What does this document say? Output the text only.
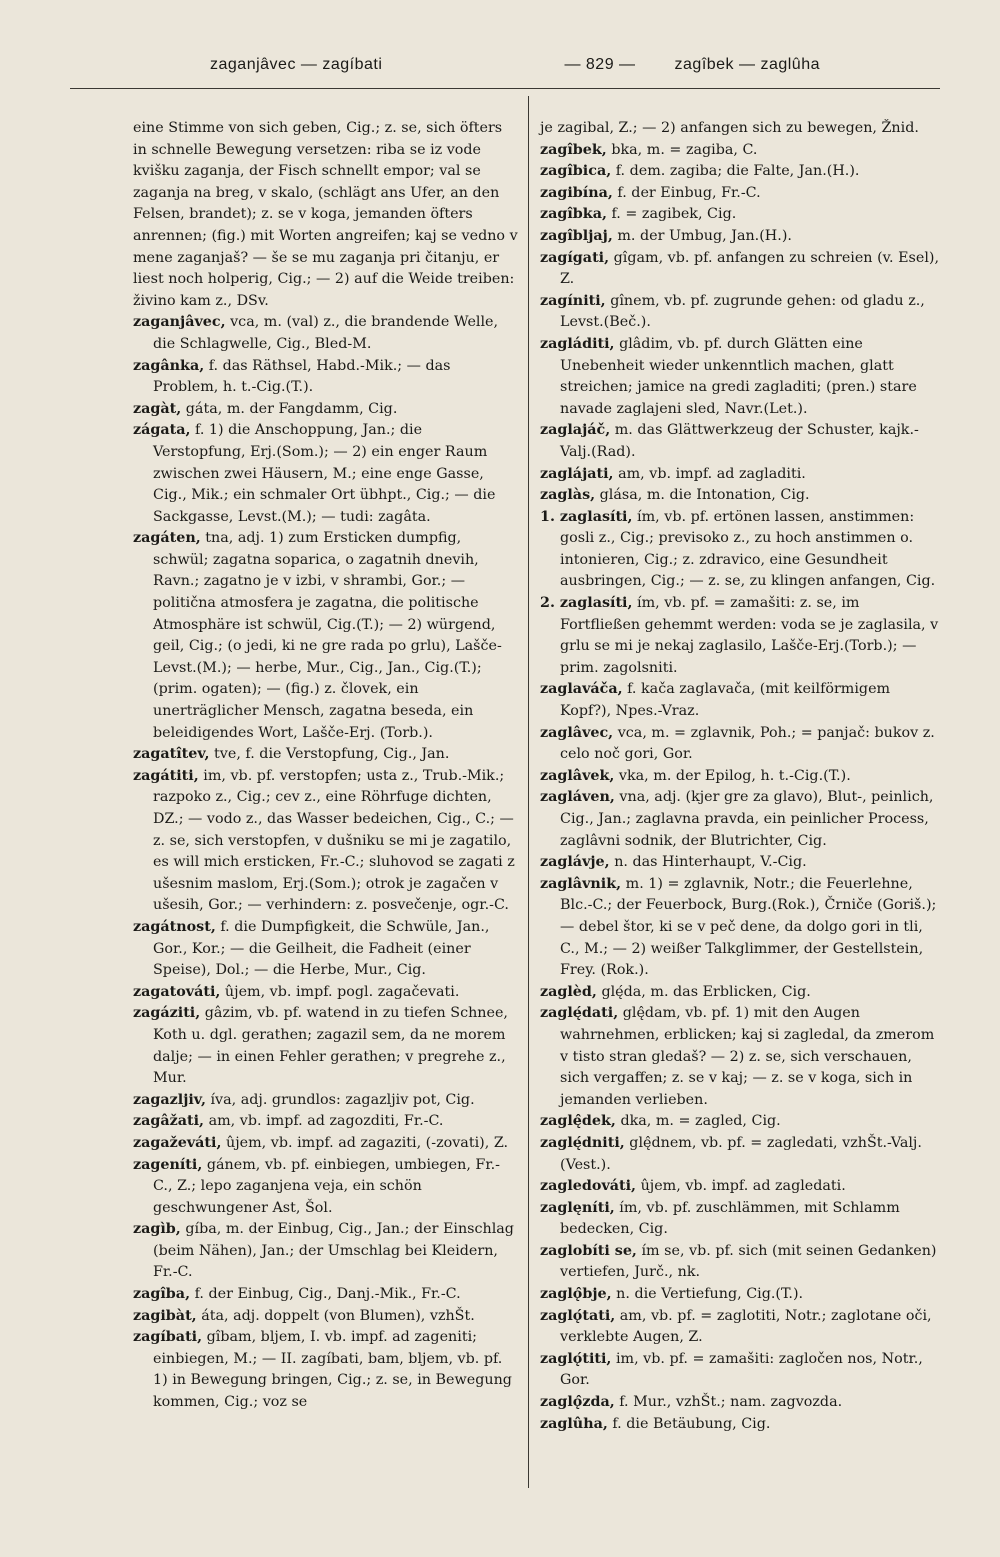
zaganjâvec — zagíbati	— 829 —	zagîbek — zaglûha

eine Stimme von sich geben, Cig.; z. se, sich öfters in schnelle Bewegung versetzen: riba se iz vode kvišku zaganja, der Fisch schnellt empor; val se zaganja na breg, v skalo, (schlägt ans Ufer, an den Felsen, brandet); z. se v koga, jemanden öfters anrennen; (fig.) mit Worten angreifen; kaj se vedno v mene zaganjaš? — še se mu zaganja pri čitanju, er liest noch holperig, Cig.; — 2) auf die Weide treiben: živino kam z., DSv.

zaganjâvec, vca, m. (val) z., die brandende Welle, die Schlagwelle, Cig., Bled-M.

zagânka, f. das Räthsel, Habd.-Mik.; — das Problem, h. t.-Cig.(T.).

zagàt, gáta, m. der Fangdamm, Cig.

zágata, f. 1) die Anschoppung, Jan.; die Verstopfung, Erj.(Som.); — 2) ein enger Raum zwischen zwei Häusern, M.; eine enge Gasse, Cig., Mik.; ein schmaler Ort übhpt., Cig.; — die Sackgasse, Levst.(M.); — tudi: zagâta.

zagáten, tna, adj. 1) zum Ersticken dumpfig, schwül; zagatna soparica, o zagatnih dnevih, Ravn.; zagatno je v izbi, v shrambi, Gor.; — politična atmosfera je zagatna, die politische Atmosphäre ist schwül, Cig.(T.); — 2) würgend, geil, Cig.; (o jedi, ki ne gre rada po grlu), Lašče-Levst.(M.); — herbe, Mur., Cig., Jan., Cig.(T.); (prim. ogaten); — (fig.) z. človek, ein unerträglicher Mensch, zagatna beseda, ein beleidigendes Wort, Lašče-Erj. (Torb.).

zagatîtev, tve, f. die Verstopfung, Cig., Jan.

zagátiti, im, vb. pf. verstopfen; usta z., Trub.-Mik.; razpoko z., Cig.; cev z., eine Röhrfuge dichten, DZ.; — vodo z., das Wasser bedeichen, Cig., C.; — z. se, sich verstopfen, v dušniku se mi je zagatilo, es will mich ersticken, Fr.-C.; sluhovod se zagati z ušesnim maslom, Erj.(Som.); otrok je zagačen v ušesih, Gor.; — verhindern: z. posvečenje, ogr.-C.

zagátnost, f. die Dumpfigkeit, die Schwüle, Jan., Gor., Kor.; — die Geilheit, die Fadheit (einer Speise), Dol.; — die Herbe, Mur., Cig.

zagatováti, ûjem, vb. impf. pogl. zagačevati.

zagáziti, gâzim, vb. pf. watend in zu tiefen Schnee, Koth u. dgl. gerathen; zagazil sem, da ne morem dalje; — in einen Fehler gerathen; v pregrehe z., Mur.

zagazljiv, íva, adj. grundlos: zagazljiv pot, Cig.

zagâžati, am, vb. impf. ad zagozditi, Fr.-C.

zagaževáti, ûjem, vb. impf. ad zagaziti, (-zovati), Z.

zageníti, gánem, vb. pf. einbiegen, umbiegen, Fr.-C., Z.; lepo zaganjena veja, ein schön geschwungener Ast, Šol.

zagìb, gíba, m. der Einbug, Cig., Jan.; der Einschlag (beim Nähen), Jan.; der Umschlag bei Kleidern, Fr.-C.

zagîba, f. der Einbug, Cig., Danj.-Mik., Fr.-C.

zagibàt, áta, adj. doppelt (von Blumen), vzhŠt.

zagíbati, gîbam, bljem, I. vb. impf. ad zageniti; einbiegen, M.; — II. zagíbati, bam, bljem, vb. pf. 1) in Bewegung bringen, Cig.; z. se, in Bewegung kommen, Cig.; voz se

je zagibal, Z.; — 2) anfangen sich zu bewegen, Žnid.

zagîbek, bka, m. = zagiba, C.

zagîbica, f. dem. zagiba; die Falte, Jan.(H.).

zagibína, f. der Einbug, Fr.-C.

zagîbka, f. = zagibek, Cig.

zagîbljaj, m. der Umbug, Jan.(H.).

zagígati, gîgam, vb. pf. anfangen zu schreien (v. Esel), Z.

zagíniti, gînem, vb. pf. zugrunde gehen: od gladu z., Levst.(Beč.).

zagláditi, glâdim, vb. pf. durch Glätten eine Unebenheit wieder unkenntlich machen, glatt streichen; jamice na gredi zagladiti; (pren.) stare navade zaglajeni sled, Navr.(Let.).

zaglajáč, m. das Glättwerkzeug der Schuster, kajk.-Valj.(Rad).

zaglájati, am, vb. impf. ad zagladiti.

zaglàs, glása, m. die Intonation, Cig.

1. zaglasíti, ím, vb. pf. ertönen lassen, anstimmen: gosli z., Cig.; previsoko z., zu hoch anstimmen o. intonieren, Cig.; z. zdravico, eine Gesundheit ausbringen, Cig.; — z. se, zu klingen anfangen, Cig.

2. zaglasíti, ím, vb. pf. = zamašiti: z. se, im Fortfließen gehemmt werden: voda se je zaglasila, v grlu se mi je nekaj zaglasilo, Lašče-Erj.(Torb.); — prim. zagolsniti.

zaglaváča, f. kača zaglavača, (mit keilförmigem Kopf?), Npes.-Vraz.

zaglâvec, vca, m. = zglavnik, Poh.; = panjač: bukov z. celo noč gori, Gor.

zaglâvek, vka, m. der Epilog, h. t.-Cig.(T.).

zagláven, vna, adj. (kjer gre za glavo), Blut-, peinlich, Cig., Jan.; zaglavna pravda, ein peinlicher Process, zaglâvni sodnik, der Blutrichter, Cig.

zaglávje, n. das Hinterhaupt, V.-Cig.

zaglâvnik, m. 1) = zglavnik, Notr.; die Feuerlehne, Blc.-C.; der Feuerbock, Burg.(Rok.), Črniče (Goriš.); — debel štor, ki se v peč dene, da dolgo gori in tli, C., M.; — 2) weißer Talkglimmer, der Gestellstein, Frey. (Rok.).

zaglèd, glę́da, m. das Erblicken, Cig.

zaglę́dati, glę̂dam, vb. pf. 1) mit den Augen wahrnehmen, erblicken; kaj si zagledal, da zmerom v tisto stran gledaš? — 2) z. se, sich verschauen, sich vergaffen; z. se v kaj; — z. se v koga, sich in jemanden verlieben.

zaglę̂dek, dka, m. = zagled, Cig.

zaglę́dniti, glę̂dnem, vb. pf. = zagledati, vzhŠt.-Valj.(Vest.).

zagledováti, ûjem, vb. impf. ad zagledati.

zaglęníti, ím, vb. pf. zuschlämmen, mit Schlamm bedecken, Cig.

zaglobíti se, ím se, vb. pf. sich (mit seinen Gedanken) vertiefen, Jurč., nk.

zaglǫ̂bje, n. die Vertiefung, Cig.(T.).

zaglǫ́tati, am, vb. pf. = zaglotiti, Notr.; zaglotane oči, verklebte Augen, Z.

zaglǫ́titi, im, vb. pf. = zamašiti: zagločen nos, Notr., Gor.

zaglǫ̂zda, f. Mur., vzhŠt.; nam. zagvozda.

zaglûha, f. die Betäubung, Cig.
